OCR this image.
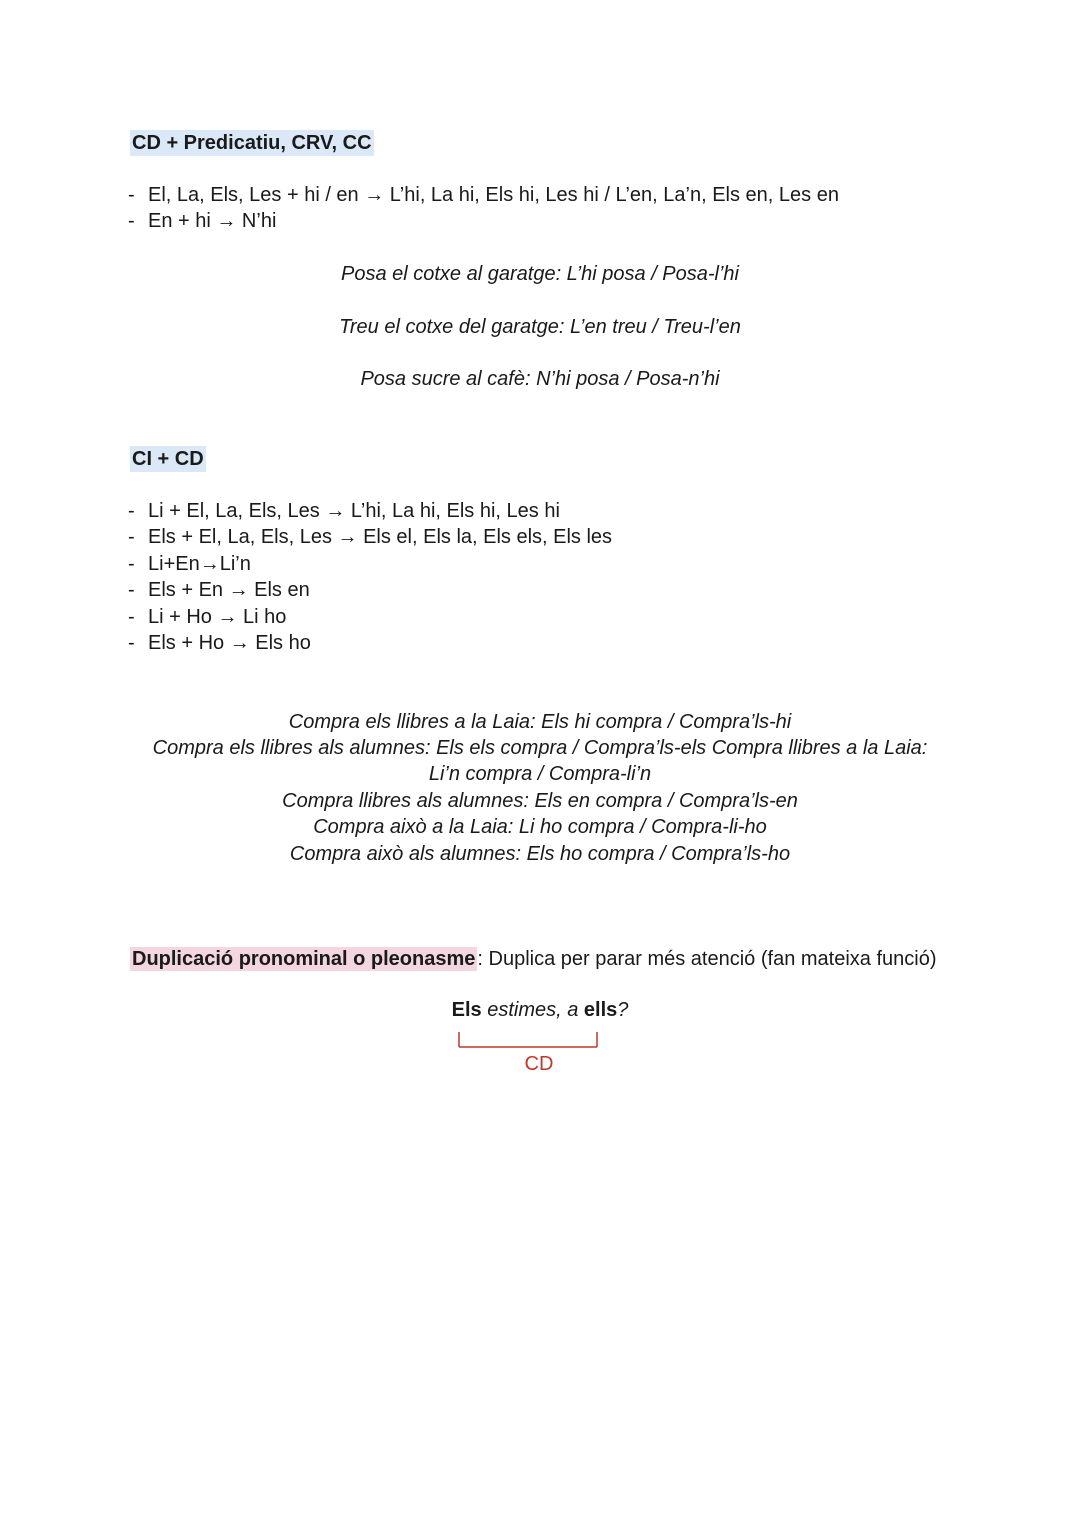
CD + Predicatiu, CRV, CC
- El, La, Els, Les + hi / en → L’hi, La hi, Els hi, Les hi / L’en, La’n, Els en, Les en
- En + hi → N’hi
Posa el cotxe al garatge: L’hi posa / Posa-l’hi
Treu el cotxe del garatge: L’en treu / Treu-l’en
Posa sucre al cafè: N’hi posa / Posa-n’hi
CI + CD
- Li + El, La, Els, Les → L’hi, La hi, Els hi, Les hi
- Els + El, La, Els, Les → Els el, Els la, Els els, Els les
- Li+En→Li’n
- Els + En → Els en
- Li + Ho → Li ho
- Els + Ho → Els ho
Compra els llibres a la Laia: Els hi compra / Compra’ls-hi
Compra els llibres als alumnes: Els els compra / Compra’ls-els Compra llibres a la Laia:
Li’n compra / Compra-li’n
Compra llibres als alumnes: Els en compra / Compra’ls-en
Compra això a la Laia: Li ho compra / Compra-li-ho
Compra això als alumnes: Els ho compra / Compra’ls-ho
Duplicació pronominal o pleonasme : Duplica per parar més atenció (fan mateixa funció)
Els estimes, a ells?
CD
